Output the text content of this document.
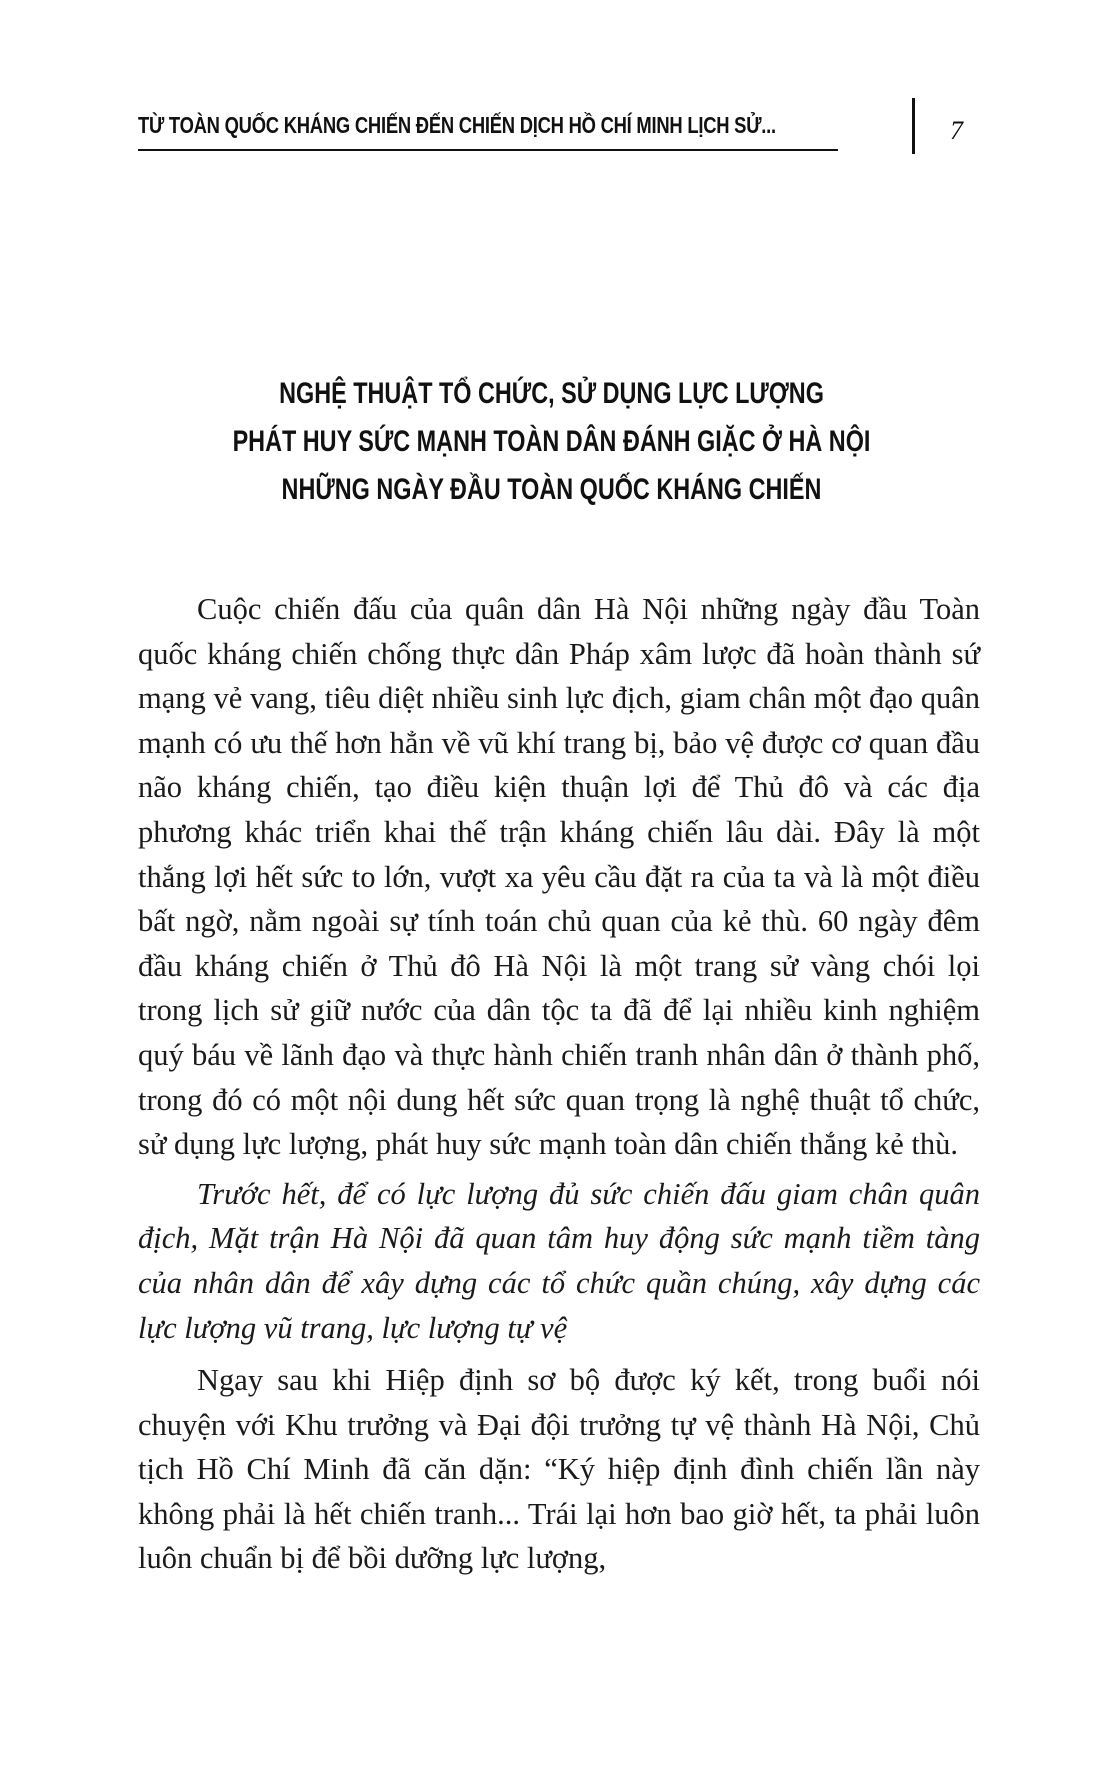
TỪ TOÀN QUỐC KHÁNG CHIẾN ĐẾN CHIẾN DỊCH HỒ CHÍ MINH LỊCH SỬ...	7
NGHỆ THUẬT TỔ CHỨC, SỬ DỤNG LỰC LƯỢNG
PHÁT HUY SỨC MẠNH TOÀN DÂN ĐÁNH GIẶC Ở HÀ NỘI
NHỮNG NGÀY ĐẦU TOÀN QUỐC KHÁNG CHIẾN

Cuộc chiến đấu của quân dân Hà Nội những ngày đầu Toàn quốc kháng chiến chống thực dân Pháp xâm lược đã hoàn thành sứ mạng vẻ vang, tiêu diệt nhiều sinh lực địch, giam chân một đạo quân mạnh có ưu thế hơn hẳn về vũ khí trang bị, bảo vệ được cơ quan đầu não kháng chiến, tạo điều kiện thuận lợi để Thủ đô và các địa phương khác triển khai thế trận kháng chiến lâu dài. Đây là một thắng lợi hết sức to lớn, vượt xa yêu cầu đặt ra của ta và là một điều bất ngờ, nằm ngoài sự tính toán chủ quan của kẻ thù. 60 ngày đêm đầu kháng chiến ở Thủ đô Hà Nội là một trang sử vàng chói lọi trong lịch sử giữ nước của dân tộc ta đã để lại nhiều kinh nghiệm quý báu về lãnh đạo và thực hành chiến tranh nhân dân ở thành phố, trong đó có một nội dung hết sức quan trọng là nghệ thuật tổ chức, sử dụng lực lượng, phát huy sức mạnh toàn dân chiến thắng kẻ thù.

Trước hết, để có lực lượng đủ sức chiến đấu giam chân quân địch, Mặt trận Hà Nội đã quan tâm huy động sức mạnh tiềm tàng của nhân dân để xây dựng các tổ chức quần chúng, xây dựng các lực lượng vũ trang, lực lượng tự vệ

Ngay sau khi Hiệp định sơ bộ được ký kết, trong buổi nói chuyện với Khu trưởng và Đại đội trưởng tự vệ thành Hà Nội, Chủ tịch Hồ Chí Minh đã căn dặn: “Ký hiệp định đình chiến lần này không phải là hết chiến tranh... Trái lại hơn bao giờ hết, ta phải luôn luôn chuẩn bị để bồi dưỡng lực lượng,
